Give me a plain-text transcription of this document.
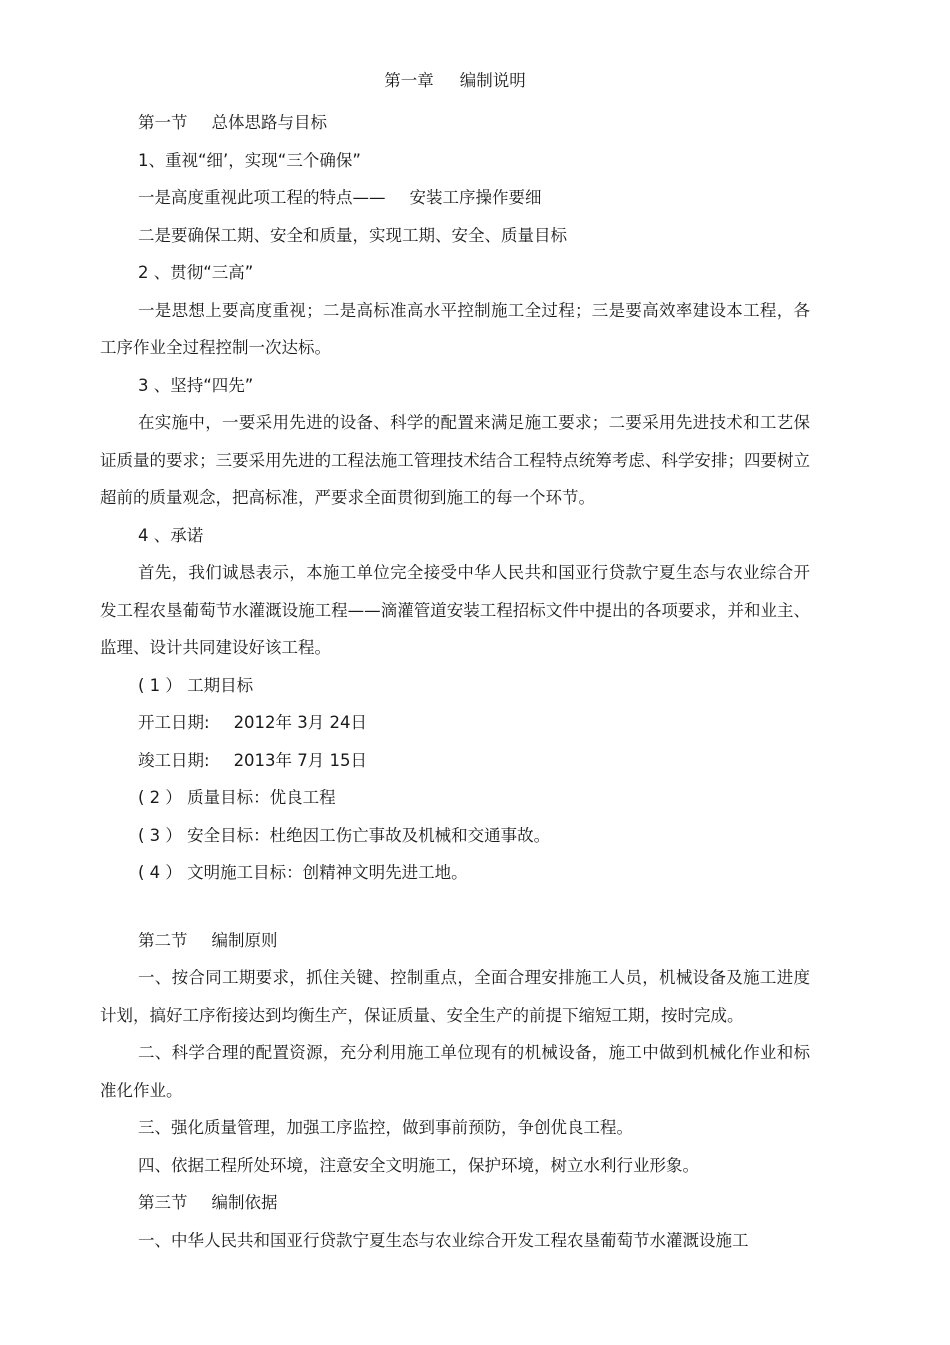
第一章 编制说明
第一节 总体思路与目标
1、重视“细’，实现“三个确保”
一是高度重视此项工程的特点—— 安装工序操作要细
二是要确保工期、安全和质量，实现工期、安全、质量目标
2 、贯彻“三高”
一是思想上要高度重视；二是高标准高水平控制施工全过程；三是要高效率建设本工程，各工序作业全过程控制一次达标。
3 、坚持“四先”
在实施中，一要采用先进的设备、科学的配置来满足施工要求；二要采用先进技术和工艺保证质量的要求；三要采用先进的工程法施工管理技术结合工程特点统筹考虑、科学安排；四要树立超前的质量观念，把高标准，严要求全面贯彻到施工的每一个环节。
4 、承诺
首先，我们诚恳表示，本施工单位完全接受中华人民共和国亚行贷款宁夏生态与农业综合开发工程农垦葡萄节水灌溉设施工程——滴灌管道安装工程招标文件中提出的各项要求，并和业主、监理、设计共同建设好该工程。
( 1 ） 工期目标
开工日期: 2012年 3月 24日
竣工日期: 2013年 7月 15日
( 2 ） 质量目标：优良工程
( 3 ） 安全目标：杜绝因工伤亡事故及机械和交通事故。
( 4 ） 文明施工目标：创精神文明先进工地。
第二节 编制原则
一、按合同工期要求，抓住关键、控制重点，全面合理安排施工人员，机械设备及施工进度计划，搞好工序衔接达到均衡生产，保证质量、安全生产的前提下缩短工期，按时完成。
二、科学合理的配置资源，充分利用施工单位现有的机械设备，施工中做到机械化作业和标准化作业。
三、强化质量管理，加强工序监控，做到事前预防，争创优良工程。
四、依据工程所处环境，注意安全文明施工，保护环境，树立水利行业形象。
第三节 编制依据
一、中华人民共和国亚行贷款宁夏生态与农业综合开发工程农垦葡萄节水灌溉设施工
